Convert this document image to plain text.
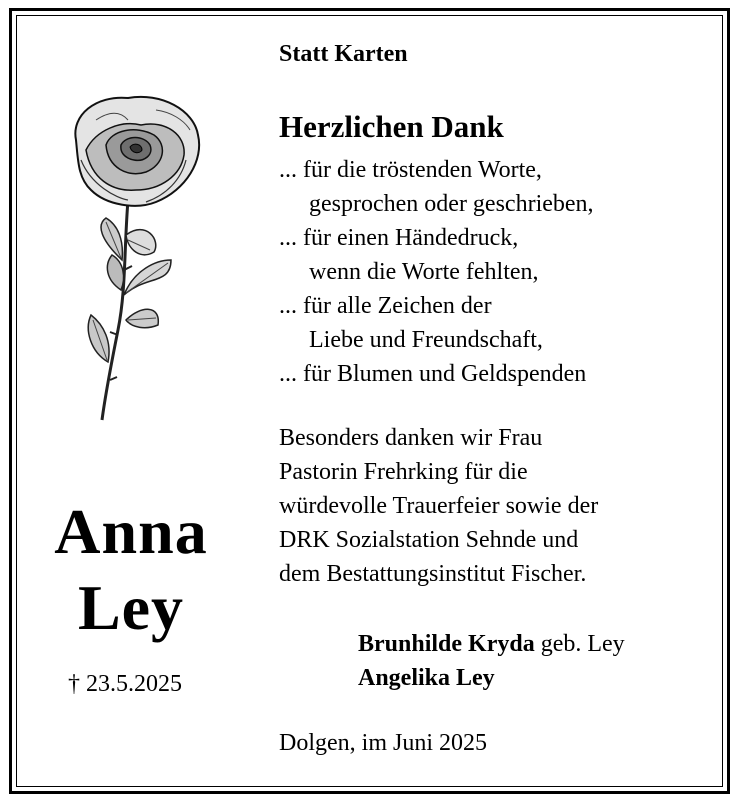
Statt Karten

Herzlichen Dank

... für die tröstenden Worte,
gesprochen oder geschrieben,
... für einen Händedruck,
wenn die Worte fehlten,
... für alle Zeichen der
Liebe und Freundschaft,
... für Blumen und Geldspenden
Besonders danken wir Frau
Pastorin Frehrking für die
würdevolle Trauerfeier sowie der
DRK Sozialstation Sehnde und
dem Bestattungsinstitut Fischer.
Brunhilde Kryda geb. Ley
Angelika Ley

Dolgen, im Juni 2025

Anna
Ley

† 23.5.2025
